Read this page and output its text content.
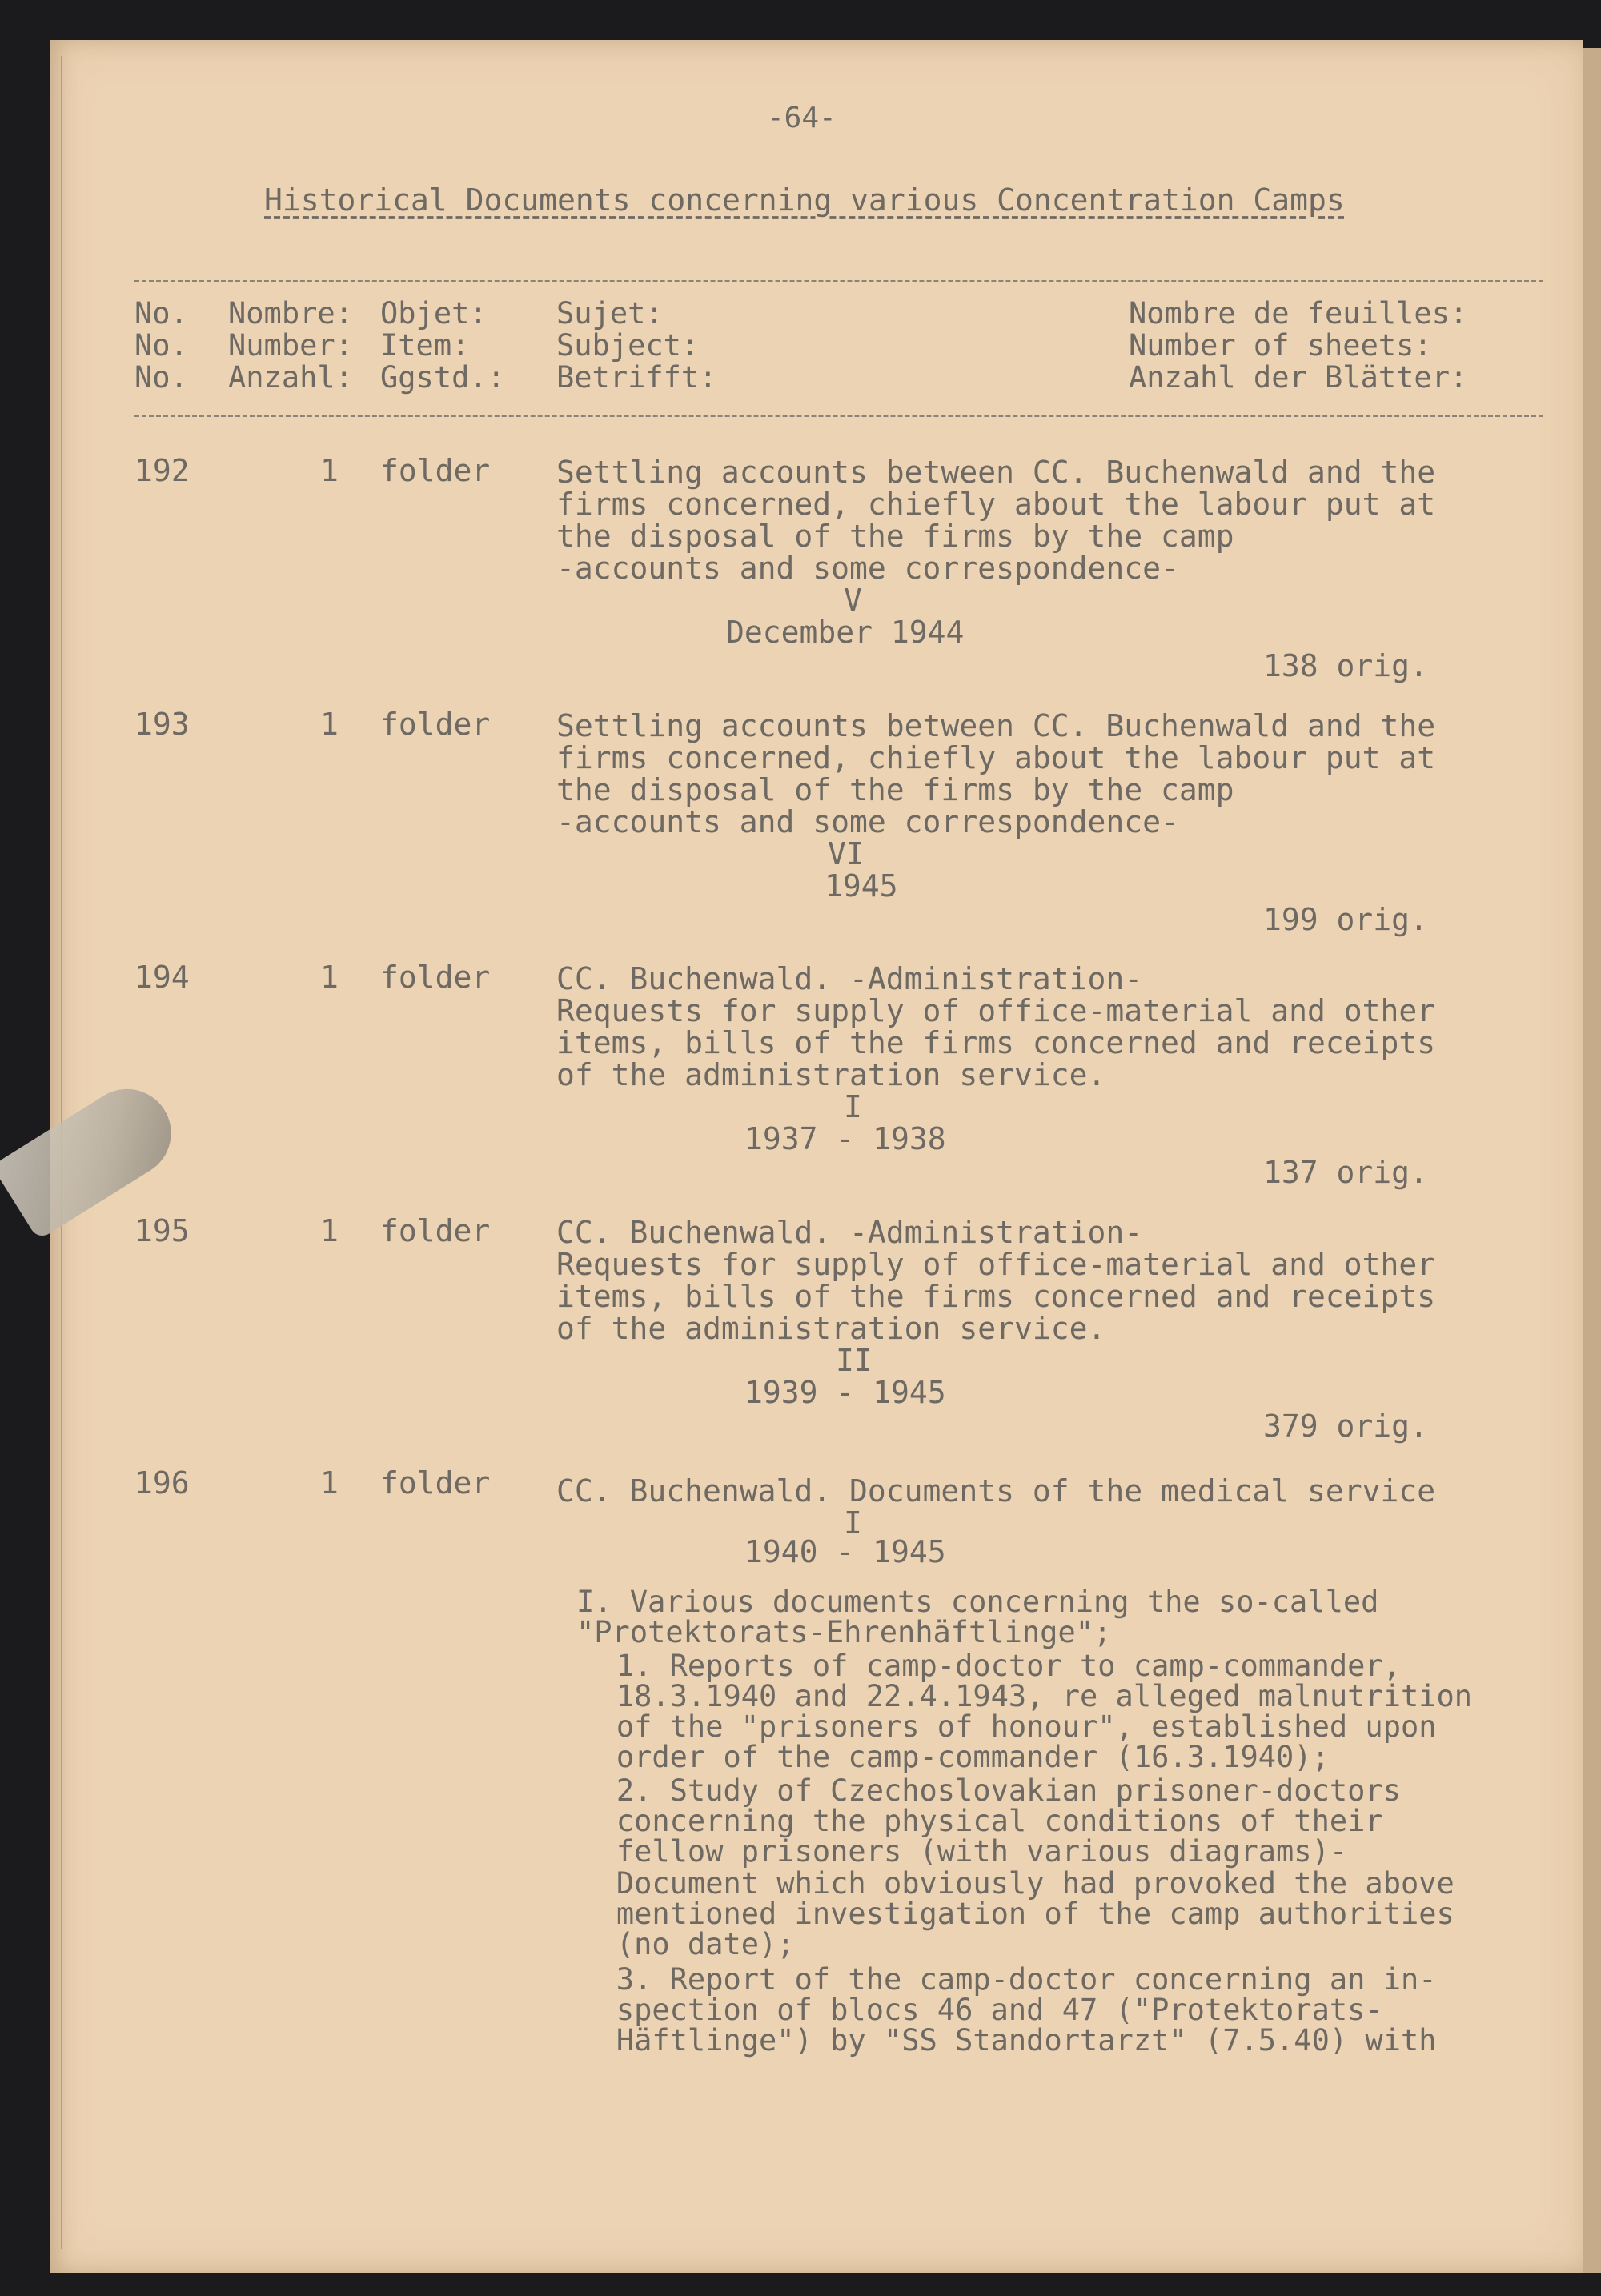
-64-
Historical Documents concerning various Concentration Camps
No. Nombre: Objet: Sujet:	Nombre de feuilles:
No. Number: Item:	Subject:	Number of sheets:
No. Anzahl: Ggstd.: Betrifft:	Anzahl der Blätter:
192	1 folder Settling accounts between CC. Buchenwald and the
firms concerned, chiefly about the labour put at
the disposal of the firms by the camp
-accounts and some correspondence-
V
December 1944
138 orig.
193	1 folder Settling accounts between CC. Buchenwald and the
firms concerned, chiefly about the labour put at
the disposal of the firms by the camp
-accounts and some correspondence-
VI
1945
199 orig.
194	1 folder CC. Buchenwald. -Administration-
Requests for supply of office-material and other
items, bills of the firms concerned and receipts
of the administration service.
I
1937 - 1938
137 orig.
195	1 folder CC. Buchenwald. -Administration-
Requests for supply of office-material and other
items, bills of the firms concerned and receipts
of the administration service.
II
1939 - 1945
379 orig.
196	1 folder CC. Buchenwald. Documents of the medical service
I
1940 - 1945
I. Various documents concerning the so-called
"Protektorats-Ehrenhäftlinge";
1. Reports of camp-doctor to camp-commander,
18.3.1940 and 22.4.1943, re alleged malnutrition
of the "prisoners of honour", established upon
order of the camp-commander (16.3.1940);
2. Study of Czechoslovakian prisoner-doctors
concerning the physical conditions of their
fellow prisoners (with various diagrams)-
Document which obviously had provoked the above
mentioned investigation of the camp authorities
(no date);
3. Report of the camp-doctor concerning an in-
spection of blocs 46 and 47 ("Protektorats-
Häftlinge") by "SS Standortarzt" (7.5.40) with
